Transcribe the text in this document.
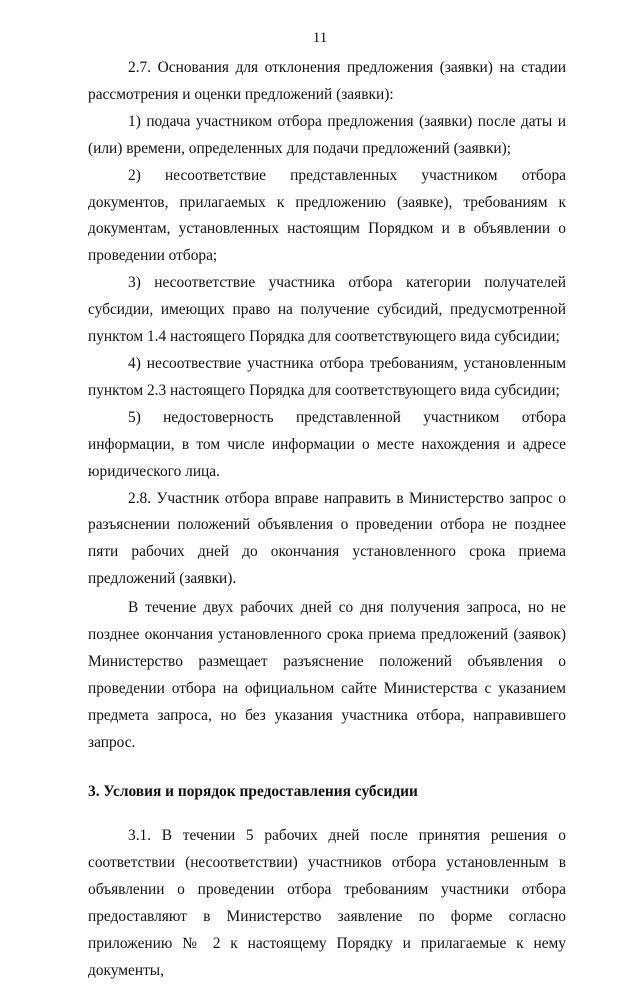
11

2.7. Основания для отклонения предложения (заявки) на стадии рассмотрения и оценки предложений (заявки):

1) подача участником отбора предложения (заявки) после даты и (или) времени, определенных для подачи предложений (заявки);

2) несоответствие представленных участником отбора документов, прилагаемых к предложению (заявке), требованиям к документам, установленных настоящим Порядком и в объявлении о проведении отбора;

3) несоответствие участника отбора категории получателей субсидии, имеющих право на получение субсидий, предусмотренной пунктом 1.4 настоящего Порядка для соответствующего вида субсидии;

4) несоотвествие участника отбора требованиям, установленным пунктом 2.3 настоящего Порядка для соответствующего вида субсидии;

5) недостоверность представленной участником отбора информации, в том числе информации о месте нахождения и адресе юридического лица.

2.8. Участник отбора вправе направить в Министерство запрос о разъяснении положений объявления о проведении отбора не позднее пяти рабочих дней до окончания установленного срока приема предложений (заявки).

В течение двух рабочих дней со дня получения запроса, но не позднее окончания установленного срока приема предложений (заявок) Министерство размещает разъяснение положений объявления о проведении отбора на официальном сайте Министерства с указанием предмета запроса, но без указания участника отбора, направившего запрос.

3. Условия и порядок предоставления субсидии

3.1. В течении 5 рабочих дней после принятия решения о соответствии (несоответствии) участников отбора установленным в объявлении о проведении отбора требованиям участники отбора предоставляют в Министерство заявление по форме согласно приложению № 2 к настоящему Порядку и прилагаемые к нему документы,
